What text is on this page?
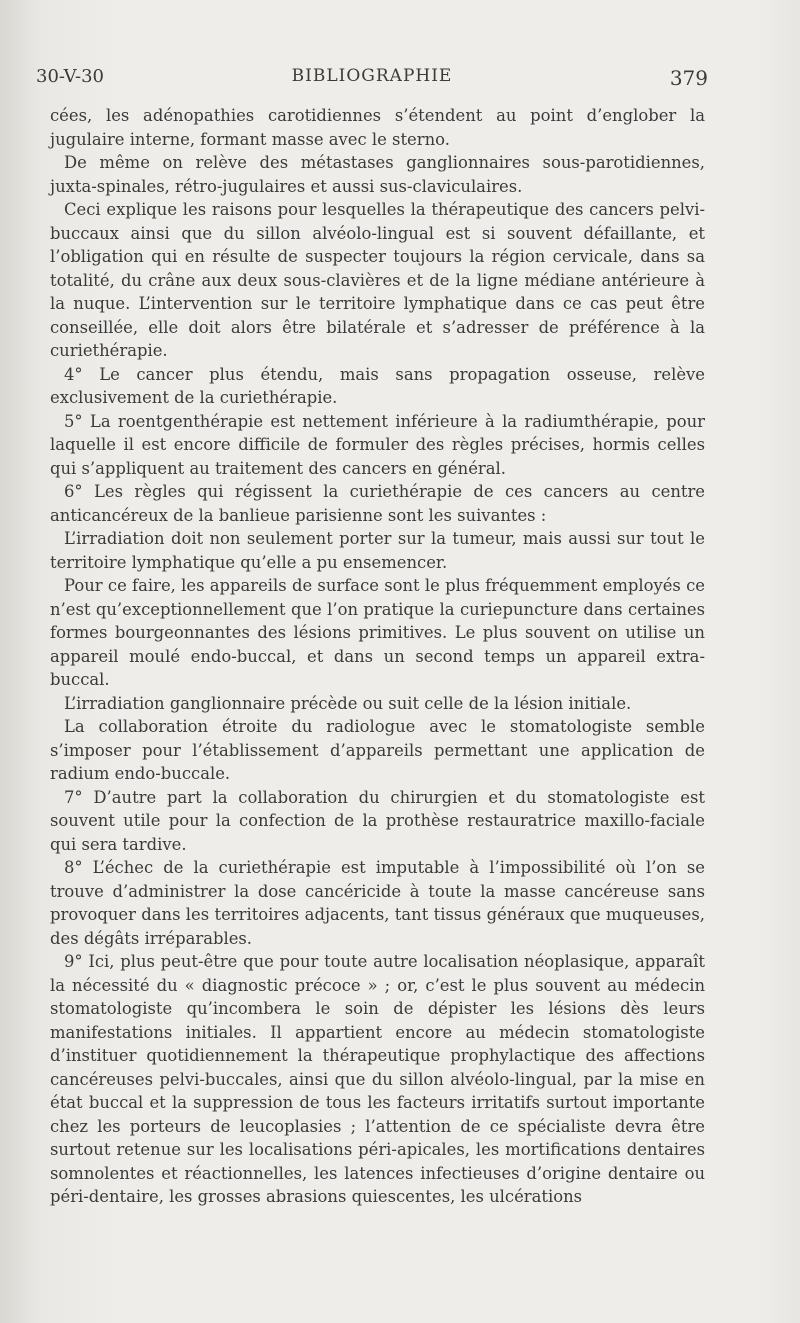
30-V-30	BIBLIOGRAPHIE	379

cées, les adénopathies carotidiennes s’étendent au point d’englober la jugulaire interne, formant masse avec le sterno.

De même on relève des métastases ganglionnaires sous-parotidiennes, juxta-spinales, rétro-jugulaires et aussi sus-claviculaires.

Ceci explique les raisons pour lesquelles la thérapeutique des cancers pelvi-buccaux ainsi que du sillon alvéolo-lingual est si souvent défaillante, et l’obligation qui en résulte de suspecter toujours la région cervicale, dans sa totalité, du crâne aux deux sous-clavières et de la ligne médiane antérieure à la nuque. L’intervention sur le territoire lymphatique dans ce cas peut être conseillée, elle doit alors être bilatérale et s’adresser de préférence à la curiethérapie.

4° Le cancer plus étendu, mais sans propagation osseuse, relève exclusivement de la curiethérapie.

5° La roentgenthérapie est nettement inférieure à la radiumthérapie, pour laquelle il est encore difficile de formuler des règles précises, hormis celles qui s’appliquent au traitement des cancers en général.

6° Les règles qui régissent la curiethérapie de ces cancers au centre anticancéreux de la banlieue parisienne sont les suivantes :

L’irradiation doit non seulement porter sur la tumeur, mais aussi sur tout le territoire lymphatique qu’elle a pu ensemencer.

Pour ce faire, les appareils de surface sont le plus fréquemment employés ce n’est qu’exceptionnellement que l’on pratique la curiepuncture dans certaines formes bourgeonnantes des lésions primitives. Le plus souvent on utilise un appareil moulé endo-buccal, et dans un second temps un appareil extra-buccal.

L’irradiation ganglionnaire précède ou suit celle de la lésion initiale.

La collaboration étroite du radiologue avec le stomatologiste semble s’imposer pour l’établissement d’appareils permettant une application de radium endo-buccale.

7° D’autre part la collaboration du chirurgien et du stomatologiste est souvent utile pour la confection de la prothèse restauratrice maxillo-faciale qui sera tardive.

8° L’échec de la curiethérapie est imputable à l’impossibilité où l’on se trouve d’administrer la dose cancéricide à toute la masse cancéreuse sans provoquer dans les territoires adjacents, tant tissus généraux que muqueuses, des dégâts irréparables.

9° Ici, plus peut-être que pour toute autre localisation néoplasique, apparaît la nécessité du « diagnostic précoce » ; or, c’est le plus souvent au médecin stomatologiste qu’incombera le soin de dépister les lésions dès leurs manifestations initiales. Il appartient encore au médecin stomatologiste d’instituer quotidiennement la thérapeutique prophylactique des affections cancéreuses pelvi-buccales, ainsi que du sillon alvéolo-lingual, par la mise en état buccal et la suppression de tous les facteurs irritatifs surtout importante chez les porteurs de leucoplasies ; l’attention de ce spécialiste devra être surtout retenue sur les localisations péri-apicales, les mortifications dentaires somnolentes et réactionnelles, les latences infectieuses d’origine dentaire ou péri-dentaire, les grosses abrasions quiescentes, les ulcérations
